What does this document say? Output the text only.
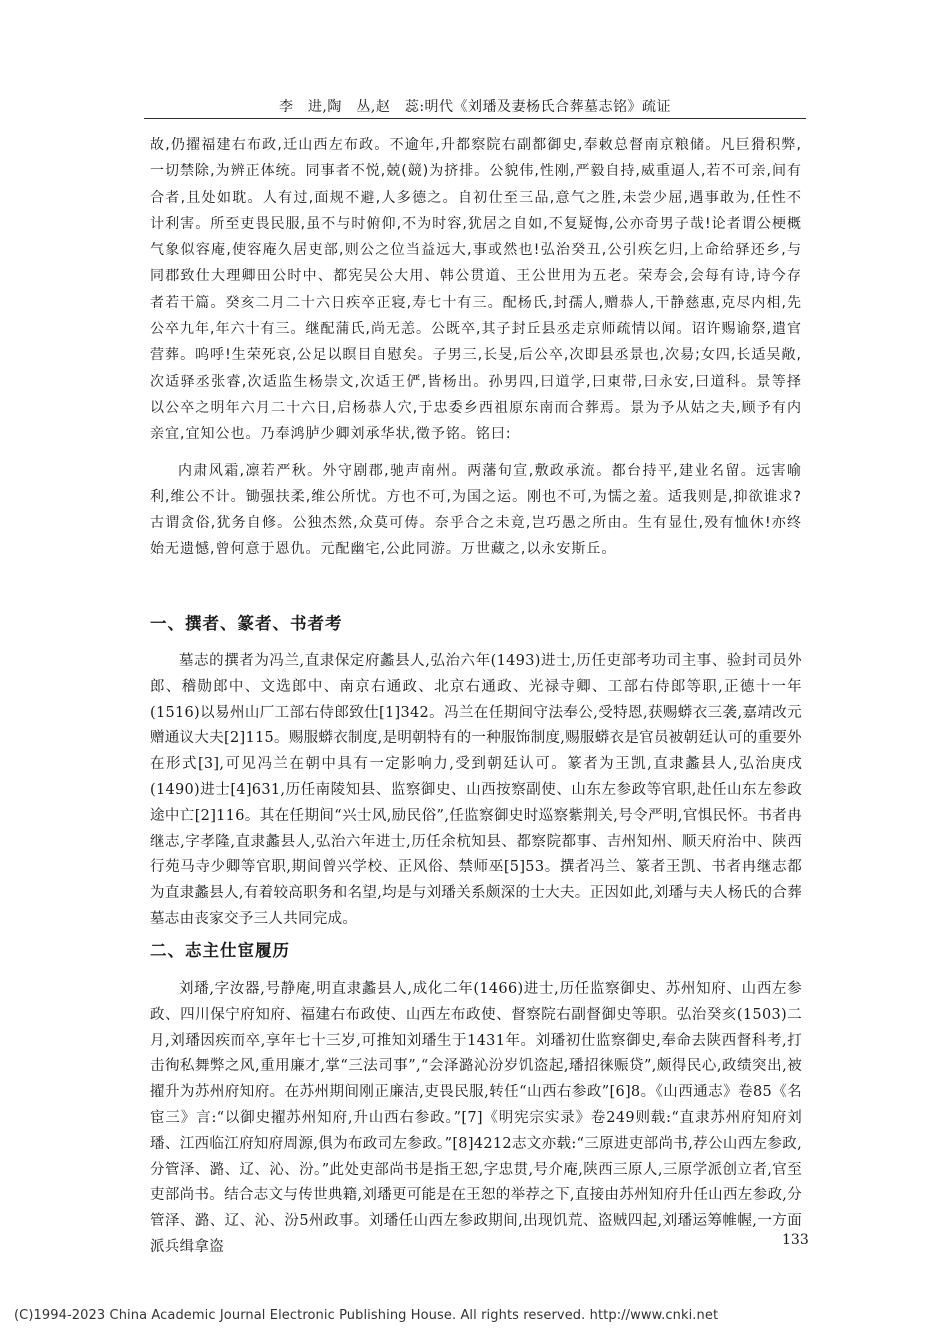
李　进,陶　丛,赵　蕊:明代《刘璠及妻杨氏合葬墓志铭》疏证

故,仍擢福建右布政,迁山西左布政。不逾年,升都察院右副都御史,奉敕总督南京粮储。凡巨猾积弊,一切禁除,为辨正体统。同事者不悦,兢(競)为挤排。公貌伟,性刚,严毅自持,威重逼人,若不可亲,间有合者,且处如耽。人有过,面规不避,人多德之。自初仕至三品,意气之胜,未尝少屈,遇事敢为,任性不计利害。所至吏畏民服,虽不与时俯仰,不为时容,犹居之自如,不复疑悔,公亦奇男子哉!论者谓公梗概气象似容庵,使容庵久居吏部,则公之位当益远大,事或然也!弘治癸丑,公引疾乞归,上命给驿还乡,与同郡致仕大理卿田公时中、都宪吴公大用、韩公贯道、王公世用为五老。荣寿会,会每有诗,诗今存者若干篇。癸亥二月二十六日疾卒正寝,寿七十有三。配杨氏,封孺人,赠恭人,干静慈惠,克尽内相,先公卒九年,年六十有三。继配蒲氏,尚无恙。公既卒,其子封丘县丞走京师疏情以闻。诏许赐谕祭,遣官营葬。呜呼!生荣死哀,公足以瞑目自慰矣。子男三,长旻,后公卒,次即县丞景也,次昜;女四,长适吴敞,次适驿丞张睿,次适监生杨崇文,次适王俨,皆杨出。孙男四,曰道学,曰東带,曰永安,曰道科。景等择以公卒之明年六月二十六日,启杨恭人穴,于忠委乡西祖原东南而合葬焉。景为予从姑之夫,顾予有内亲宜,宜知公也。乃奉鸿胪少卿刘承华状,徵予铭。铭曰:

内肃风霜,凛若严秋。外守剧郡,驰声南州。两藩旬宣,敷政承流。都台持平,建业名留。远害喻利,维公不计。锄强扶柔,维公所忧。方也不可,为国之运。刚也不可,为懦之羞。适我则是,抑欲谁求?古谓贪俗,犹务自修。公独杰然,众莫可俦。奈乎合之未竟,岂巧愚之所由。生有显仕,殁有恤休!亦终始无遗憾,曾何意于恩仇。元配幽宅,公此同游。万世藏之,以永安斯丘。

一、撰者、篆者、书者考

墓志的撰者为冯兰,直隶保定府蠡县人,弘治六年(1493)进士,历任吏部考功司主事、验封司员外郎、稽勋郎中、文选郎中、南京右通政、北京右通政、光禄寺卿、工部右侍郎等职,正德十一年(1516)以易州山厂工部右侍郎致仕[1]342。冯兰在任期间守法奉公,受特恩,获赐蟒衣三袭,嘉靖改元赠通议大夫[2]115。赐服蟒衣制度,是明朝特有的一种服饰制度,赐服蟒衣是官员被朝廷认可的重要外在形式[3],可见冯兰在朝中具有一定影响力,受到朝廷认可。篆者为王凯,直隶蠡县人,弘治庚戌(1490)进士[4]631,历任南陵知县、监察御史、山西按察副使、山东左参政等官职,赴任山东左参政途中亡[2]116。其在任期间“兴士风,励民俗”,任监察御史时巡察紫荆关,号令严明,官惧民怀。书者冉继志,字孝隆,直隶蠡县人,弘治六年进士,历任余杭知县、都察院都事、吉州知州、顺天府治中、陕西行苑马寺少卿等官职,期间曾兴学校、正风俗、禁师巫[5]53。撰者冯兰、篆者王凯、书者冉继志都为直隶蠡县人,有着较高职务和名望,均是与刘璠关系颇深的士大夫。正因如此,刘璠与夫人杨氏的合葬墓志由丧家交予三人共同完成。

二、志主仕宦履历

刘璠,字汝器,号静庵,明直隶蠡县人,成化二年(1466)进士,历任监察御史、苏州知府、山西左参政、四川保宁府知府、福建右布政使、山西左布政使、督察院右副督御史等职。弘治癸亥(1503)二月,刘璠因疾而卒,享年七十三岁,可推知刘璠生于1431年。刘璠初仕监察御史,奉命去陕西督科考,打击徇私舞弊之风,重用廉才,掌“三法司事”,“会泽潞沁汾岁饥盗起,璠招徕赈贷”,颇得民心,政绩突出,被擢升为苏州府知府。在苏州期间刚正廉洁,吏畏民服,转任“山西右参政”[6]8。《山西通志》卷85《名宦三》言:“以御史擢苏州知府,升山西右参政。”[7]《明宪宗实录》卷249则载:“直隶苏州府知府刘璠、江西临江府知府周源,俱为布政司左参政。”[8]4212志文亦载:“三原进吏部尚书,荐公山西左参政,分管泽、潞、辽、沁、汾。”此处吏部尚书是指王恕,字忠贯,号介庵,陕西三原人,三原学派创立者,官至吏部尚书。结合志文与传世典籍,刘璠更可能是在王恕的举荐之下,直接由苏州知府升任山西左参政,分管泽、潞、辽、沁、汾5州政事。刘璠任山西左参政期间,出现饥荒、盗贼四起,刘璠运筹帷幄,一方面派兵缉拿盗	133
(C)1994-2023 China Academic Journal Electronic Publishing House. All rights reserved. http://www.cnki.net
